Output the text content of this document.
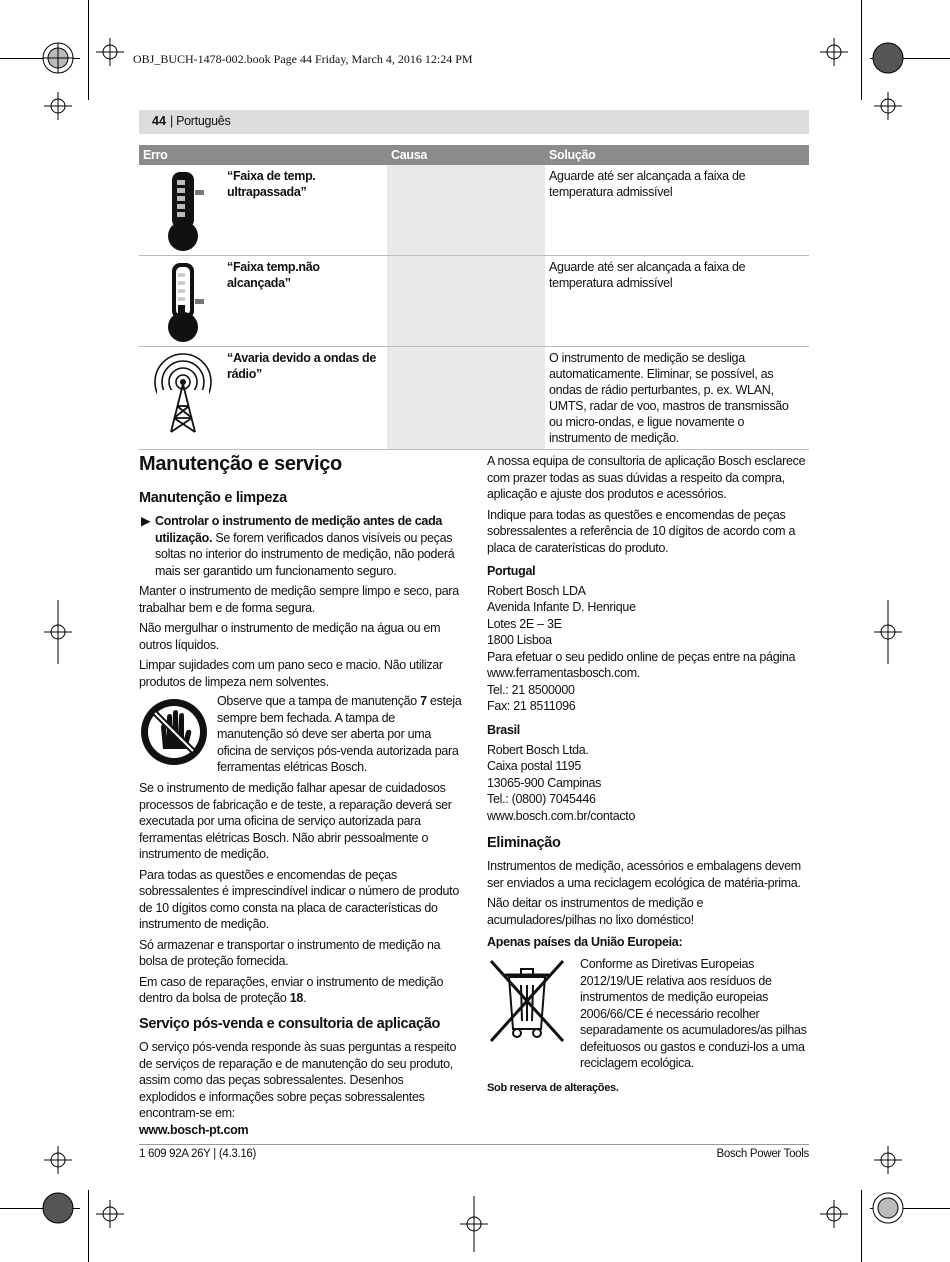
OBJ_BUCH-1478-002.book Page 44 Friday, March 4, 2016 12:24 PM
44 | Português
Erro	Causa	Solução

“Faixa de temp. ultrapassada”		Aguarde até ser alcançada a faixa de temperatura admissível

“Faixa temp.não alcançada”		Aguarde até ser alcançada a faixa de temperatura admissível

“Avaria devido a ondas de rádio”		O instrumento de medição se desliga automaticamente. Eliminar, se possível, as ondas de rádio perturbantes, p. ex. WLAN, UMTS, radar de voo, mastros de transmissão ou micro-ondas, e ligue novamente o instrumento de medição.
Manutenção e serviço
Manutenção e limpeza

▶ Controlar o instrumento de medição antes de cada utilização. Se forem verificados danos visíveis ou peças soltas no interior do instrumento de medição, não poderá mais ser garantido um funcionamento seguro.

Manter o instrumento de medição sempre limpo e seco, para trabalhar bem e de forma segura.

Não mergulhar o instrumento de medição na água ou em outros líquidos.

Limpar sujidades com um pano seco e macio. Não utilizar produtos de limpeza nem solventes.

Observe que a tampa de manutenção 7 esteja sempre bem fechada. A tampa de manutenção só deve ser aberta por uma oficina de serviços pós-venda autorizada para ferramentas elétricas Bosch.

Se o instrumento de medição falhar apesar de cuidadosos processos de fabricação e de teste, a reparação deverá ser executada por uma oficina de serviço autorizada para ferramentas elétricas Bosch. Não abrir pessoalmente o instrumento de medição.

Para todas as questões e encomendas de peças sobressalentes é imprescindível indicar o número de produto de 10 dígitos como consta na placa de características do instrumento de medição.

Só armazenar e transportar o instrumento de medição na bolsa de proteção fornecida.

Em caso de reparações, enviar o instrumento de medição dentro da bolsa de proteção 18.

Serviço pós-venda e consultoria de aplicação
O serviço pós-venda responde às suas perguntas a respeito de serviços de reparação e de manutenção do seu produto, assim como das peças sobressalentes. Desenhos explodidos e informações sobre peças sobressalentes encontram-se em:
www.bosch-pt.com

A nossa equipa de consultoria de aplicação Bosch esclarece com prazer todas as suas dúvidas a respeito da compra, aplicação e ajuste dos produtos e acessórios.

Indique para todas as questões e encomendas de peças sobressalentes a referência de 10 dígitos de acordo com a placa de caraterísticas do produto.

Portugal
Robert Bosch LDA
Avenida Infante D. Henrique
Lotes 2E – 3E
1800 Lisboa
Para efetuar o seu pedido online de peças entre na página
www.ferramentasbosch.com.
Tel.: 21 8500000
Fax: 21 8511096
Brasil
Robert Bosch Ltda.
Caixa postal 1195
13065-900 Campinas
Tel.: (0800) 7045446
www.bosch.com.br/contacto
Eliminação

Instrumentos de medição, acessórios e embalagens devem ser enviados a uma reciclagem ecológica de matéria-prima.

Não deitar os instrumentos de medição e acumuladores/pilhas no lixo doméstico!

Apenas países da União Europeia:

Conforme as Diretivas Europeias 2012/19/UE relativa aos resíduos de instrumentos de medição europeias 2006/66/CE é necessário recolher separadamente os acumuladores/as pilhas defeituosos ou gastos e conduzi-los a uma reciclagem ecológica.
Sob reserva de alterações.
1 609 92A 26Y | (4.3.16)	Bosch Power Tools
